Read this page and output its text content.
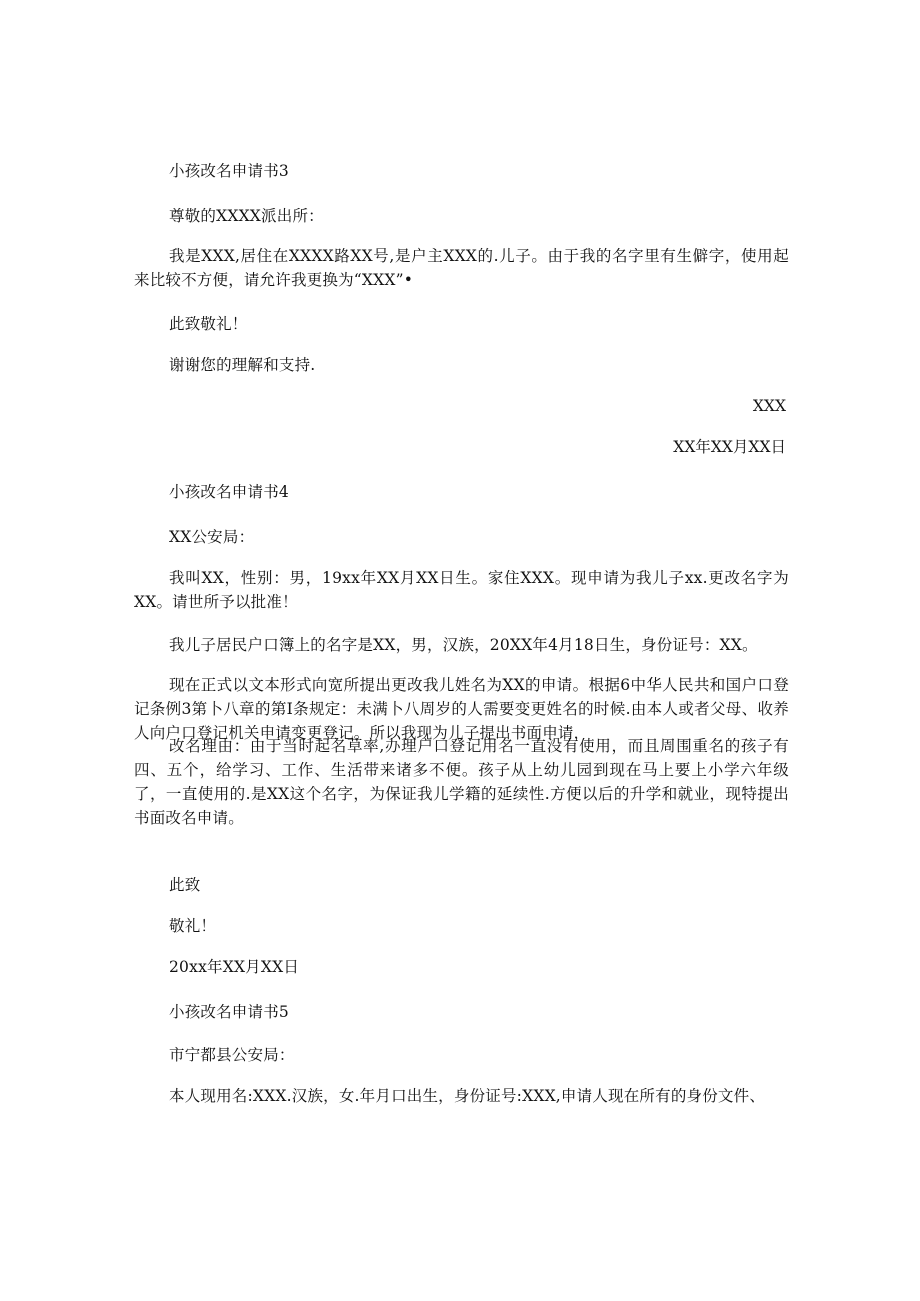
小孩改名申请书3
尊敬的XXXX派出所：
我是XXX,居住在XXXX路XX号,是户主XXX的.儿子。由于我的名字里有生僻字，使用起来比较不方便，请允许我更换为“XXX”•
此致敬礼！
谢谢您的理解和支持.
XXX
XX年XX月XX日
小孩改名申请书4
XX公安局：
我叫XX，性别：男，19xx年XX月XX日生。家住XXX。现申请为我儿子xx.更改名字为XX。请世所予以批准！
我儿子居民户口簿上的名字是XX，男，汉族，20XX年4月18日生，身份证号：XX。
现在正式以文本形式向宽所提出更改我儿姓名为XX的申请。根据6中华人民共和国户口登记条例3第卜八章的第I条规定：未满卜八周岁的人需要变更姓名的时候.由本人或者父母、收养人向户口登记机关申请变更登记。所以我现为儿子提出书面申请，
改名理由：由于当时起名草率,办理户口登记用名一直没有使用，而且周围重名的孩子有四、五个，给学习、工作、生活带来诸多不便。孩子从上幼儿园到现在马上要上小学六年级了，一直使用的.是XX这个名字，为保证我儿学籍的延续性.方便以后的升学和就业，现特提出书面改名申请。
此致
敬礼！
20xx年XX月XX日
小孩改名申请书5
市宁都县公安局：
本人现用名:XXX.汉族，女.年月口出生，身份证号:XXX,申请人现在所有的身份文件、
